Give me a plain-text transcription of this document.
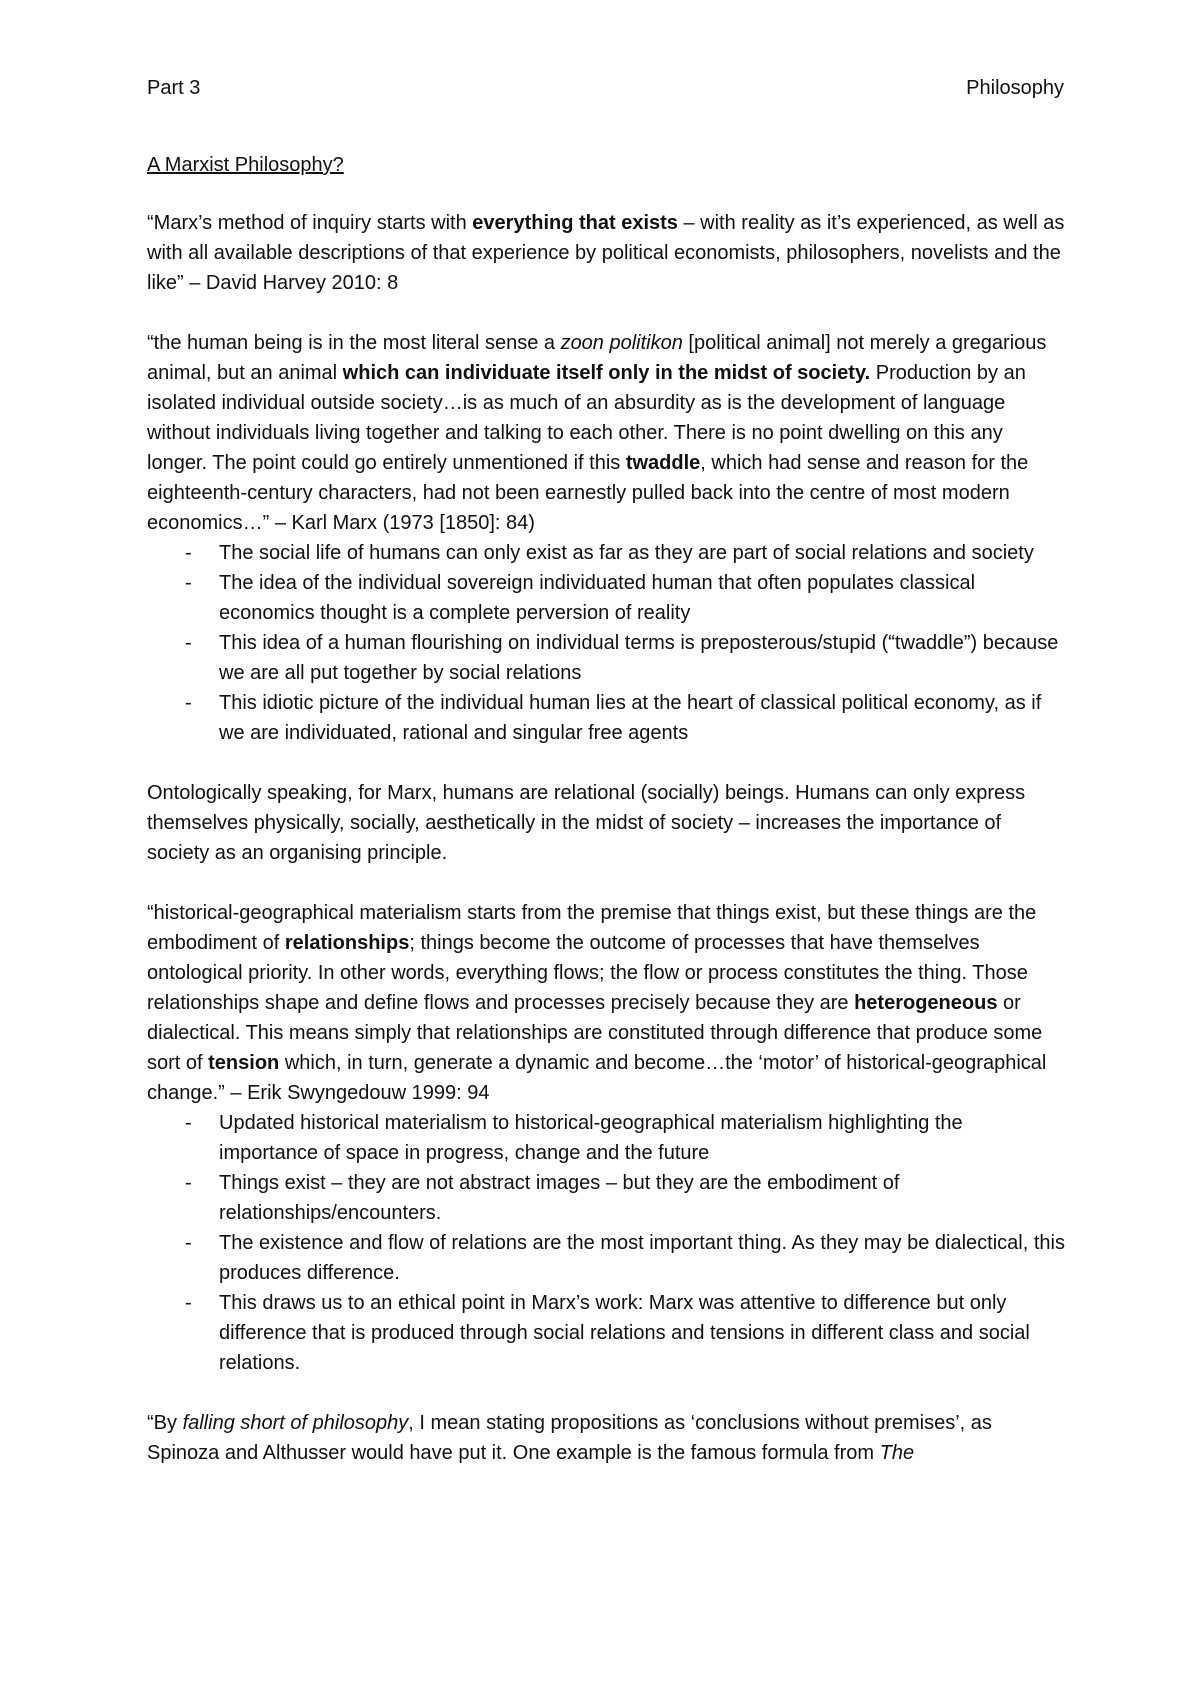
Part 3	Philosophy
A Marxist Philosophy?

“Marx’s method of inquiry starts with everything that exists – with reality as it’s experienced, as well as with all available descriptions of that experience by political economists, philosophers, novelists and the like” – David Harvey 2010: 8

“the human being is in the most literal sense a zoon politikon [political animal] not merely a gregarious animal, but an animal which can individuate itself only in the midst of society. Production by an isolated individual outside society…is as much of an absurdity as is the development of language without individuals living together and talking to each other. There is no point dwelling on this any longer. The point could go entirely unmentioned if this twaddle, which had sense and reason for the eighteenth-century characters, had not been earnestly pulled back into the centre of most modern economics…” – Karl Marx (1973 [1850]: 84)

- The social life of humans can only exist as far as they are part of social relations and society
- The idea of the individual sovereign individuated human that often populates classical economics thought is a complete perversion of reality
- This idea of a human flourishing on individual terms is preposterous/stupid (“twaddle”) because we are all put together by social relations
- This idiotic picture of the individual human lies at the heart of classical political economy, as if we are individuated, rational and singular free agents

Ontologically speaking, for Marx, humans are relational (socially) beings. Humans can only express themselves physically, socially, aesthetically in the midst of society – increases the importance of society as an organising principle.

“historical-geographical materialism starts from the premise that things exist, but these things are the embodiment of relationships; things become the outcome of processes that have themselves ontological priority. In other words, everything flows; the flow or process constitutes the thing. Those relationships shape and define flows and processes precisely because they are heterogeneous or dialectical. This means simply that relationships are constituted through difference that produce some sort of tension which, in turn, generate a dynamic and become…the ‘motor’ of historical-geographical change.” – Erik Swyngedouw 1999: 94

- Updated historical materialism to historical-geographical materialism highlighting the importance of space in progress, change and the future
- Things exist – they are not abstract images – but they are the embodiment of relationships/encounters.
- The existence and flow of relations are the most important thing. As they may be dialectical, this produces difference.
- This draws us to an ethical point in Marx’s work: Marx was attentive to difference but only difference that is produced through social relations and tensions in different class and social relations.

“By falling short of philosophy, I mean stating propositions as ‘conclusions without premises’, as Spinoza and Althusser would have put it. One example is the famous formula from The
